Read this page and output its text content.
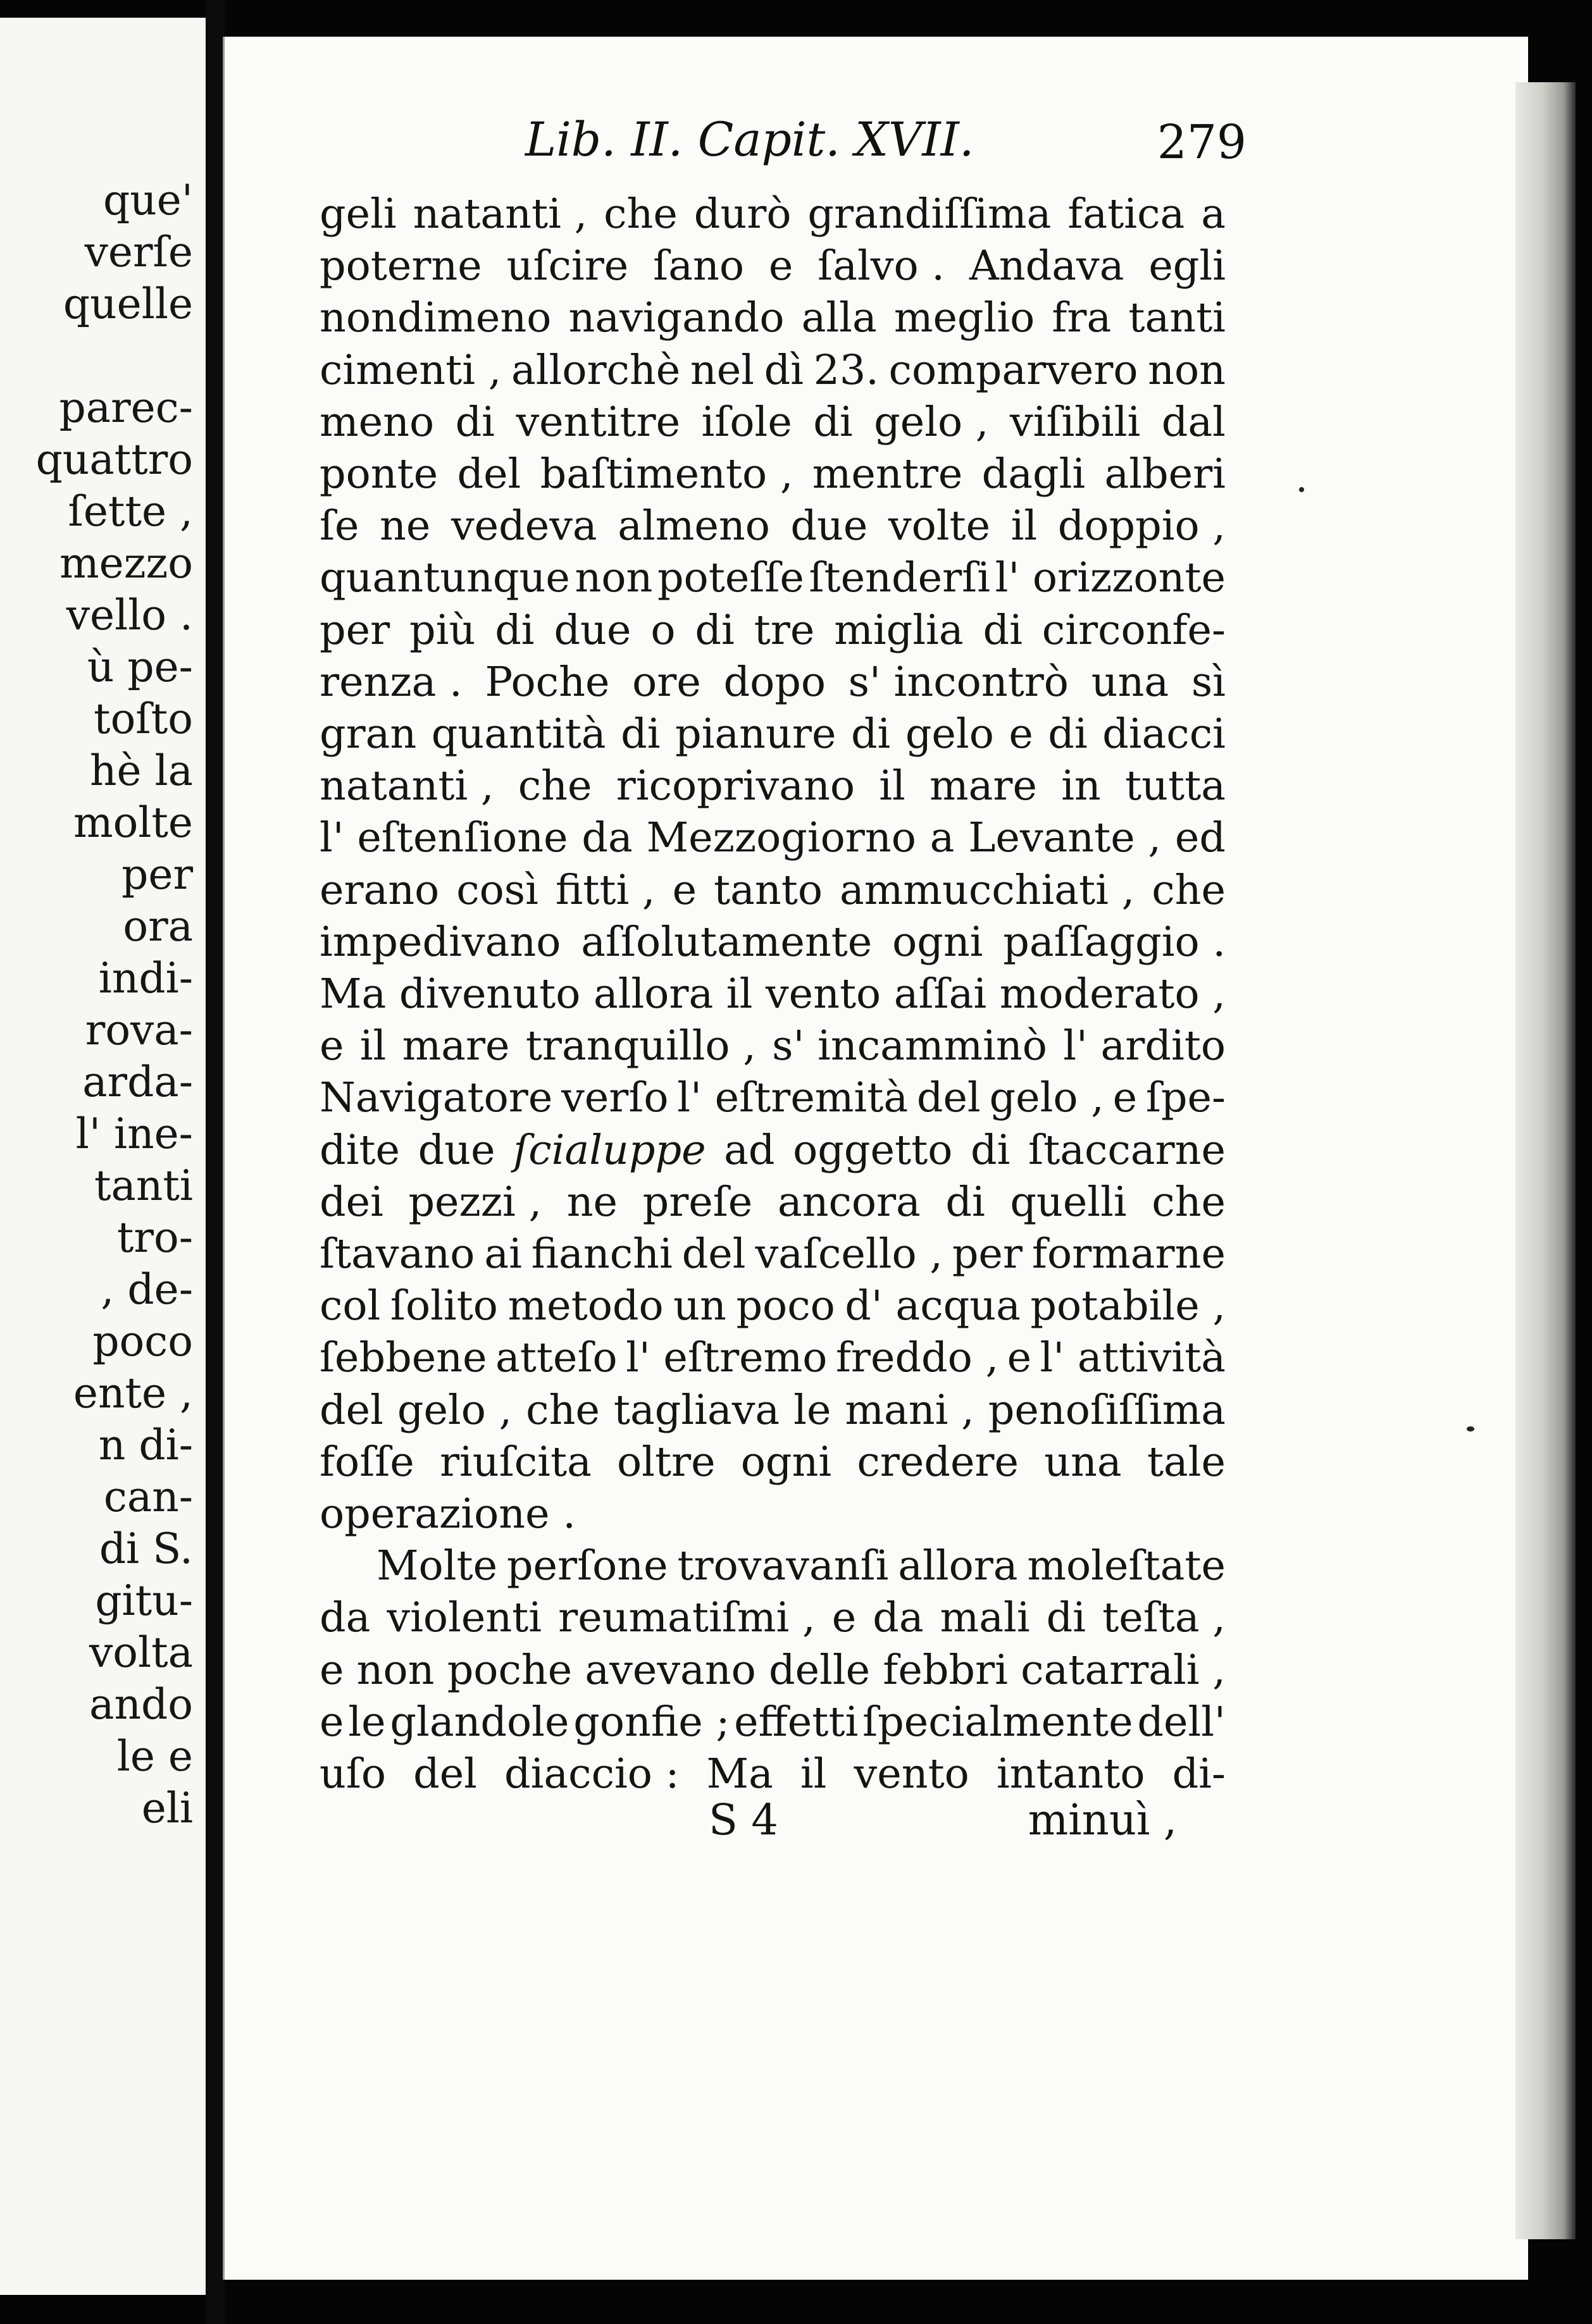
que'
verſe
quelle
parec-
quattro
ſette ,
mezzo
vello .
ù pe-
toſto
hè la
molte
per
ora
indi-
rova-
arda-
l' ine-
tanti
tro-
, de-
poco
ente ,
n di-
can-
di S.
gitu-
volta
ando
le e
eli
Lib. II. Capit. XVII.	279
geli natanti , che durò grandiſſima fatica a
poterne uſcire ſano e ſalvo . Andava egli
nondimeno navigando alla meglio fra tanti
cimenti , allorchè nel dì 23. comparvero non
meno di ventitre iſole di gelo , viſibili dal
ponte del baſtimento , mentre dagli alberi
ſe ne vedeva almeno due volte il doppio ,
quantunque non poteſſe ſtenderſi l' orizzonte
per più di due o di tre miglia di circonfe-
renza . Poche ore dopo s' incontrò una sì
gran quantità di pianure di gelo e di diacci
natanti , che ricoprivano il mare in tutta
l' eſtenſione da Mezzogiorno a Levante , ed
erano così fitti , e tanto ammucchiati , che
impedivano aſſolutamente ogni paſſaggio .
Ma divenuto allora il vento aſſai moderato ,
e il mare tranquillo , s' incamminò l' ardito
Navigatore verſo l' eſtremità del gelo , e ſpe-
dite due ſcialuppe ad oggetto di ſtaccarne
dei pezzi , ne preſe ancora di quelli che
ſtavano ai fianchi del vaſcello , per formarne
col ſolito metodo un poco d' acqua potabile ,
ſebbene atteſo l' eſtremo freddo , e l' attività
del gelo , che tagliava le mani , penoſiſſima
foſſe riuſcita oltre ogni credere una tale
operazione .
Molte perſone trovavanſi allora moleſtate
da violenti reumatiſmi , e da mali di teſta ,
e non poche avevano delle febbri catarrali ,
e le glandole gonfie ; effetti ſpecialmente dell'
uſo del diaccio : Ma il vento intanto di-
S 4	minuì ,
